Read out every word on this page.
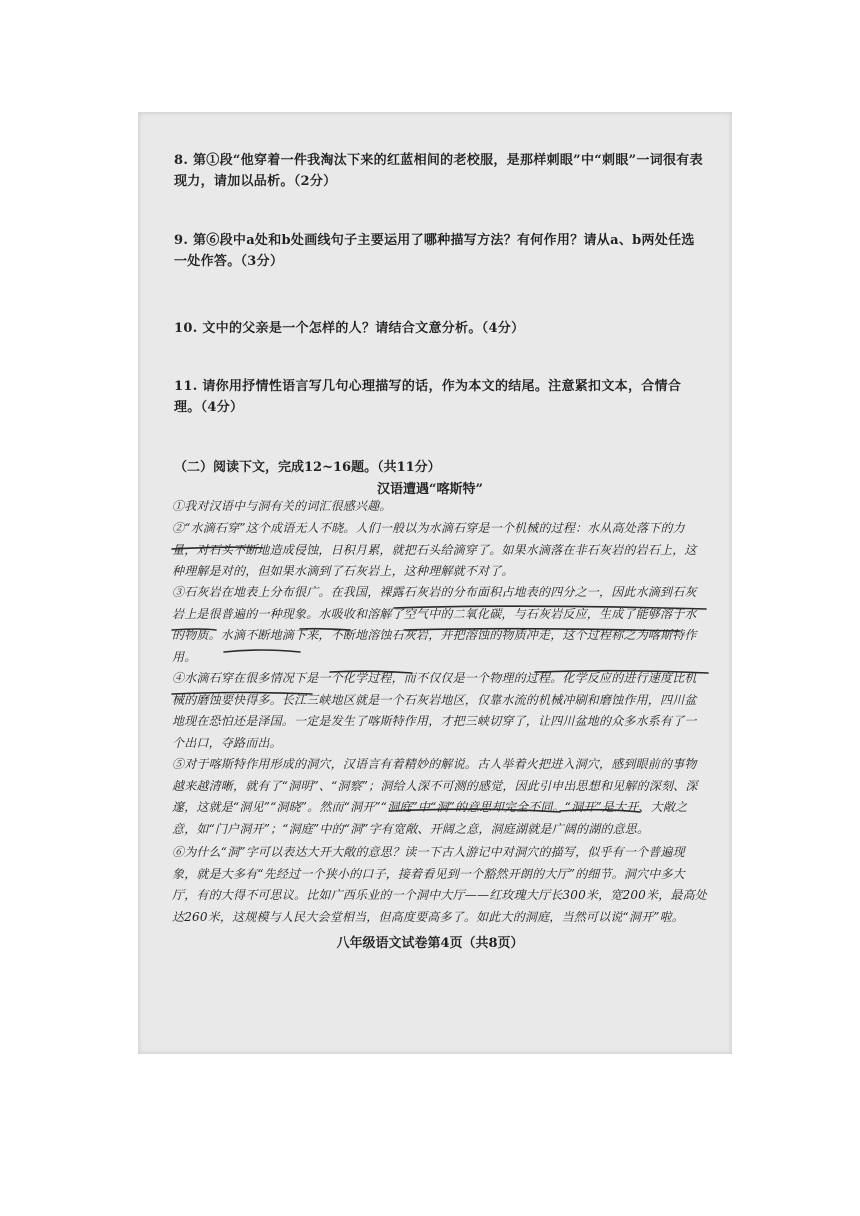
8. 第①段“他穿着一件我淘汰下来的红蓝相间的老校服，是那样刺眼”中“刺眼”一词很有表现力，请加以品析。（2分）
9. 第⑥段中a处和b处画线句子主要运用了哪种描写方法？有何作用？请从a、b两处任选一处作答。（3分）
10. 文中的父亲是一个怎样的人？请结合文意分析。（4分）
11. 请你用抒情性语言写几句心理描写的话，作为本文的结尾。注意紧扣文本，合情合理。（4分）
（二）阅读下文，完成12~16题。（共11分）
汉语遭遇“喀斯特”
①我对汉语中与洞有关的词汇很感兴趣。
②“水滴石穿”这个成语无人不晓。人们一般以为水滴石穿是一个机械的过程：水从高处落下的力量，对石头不断地造成侵蚀，日积月累，就把石头给滴穿了。如果水滴落在非石灰岩的岩石上，这种理解是对的，但如果水滴到了石灰岩上，这种理解就不对了。
③石灰岩在地表上分布很广。在我国，裸露石灰岩的分布面积占地表的四分之一，因此水滴到石灰岩上是很普遍的一种现象。水吸收和溶解了空气中的二氧化碳，与石灰岩反应，生成了能够溶于水的物质。水滴不断地滴下来，不断地溶蚀石灰岩，并把溶蚀的物质冲走，这个过程称之为喀斯特作用。
④水滴石穿在很多情况下是一个化学过程，而不仅仅是一个物理的过程。化学反应的进行速度比机械的磨蚀要快得多。长江三峡地区就是一个石灰岩地区，仅靠水流的机械冲刷和磨蚀作用，四川盆地现在恐怕还是泽国。一定是发生了喀斯特作用，才把三峡切穿了，让四川盆地的众多水系有了一个出口，夺路而出。
⑤对于喀斯特作用形成的洞穴，汉语言有着精妙的解说。古人举着火把进入洞穴，感到眼前的事物越来越清晰，就有了“洞明”、“洞察”；洞给人深不可测的感觉，因此引申出思想和见解的深刻、深邃，这就是“洞见”“洞晓”。然而“洞开”“洞庭”中“洞”的意思却完全不同。“洞开”是大开、大敞之意，如“门户洞开”；“洞庭”中的“洞”字有宽敞、开阔之意，洞庭湖就是广阔的湖的意思。
⑥为什么“洞”字可以表达大开大敞的意思？读一下古人游记中对洞穴的描写，似乎有一个普遍现象，就是大多有“先经过一个狭小的口子，接着看见到一个豁然开朗的大厅”的细节。洞穴中多大厅，有的大得不可思议。比如广西乐业的一个洞中大厅——红玫瑰大厅长300米，宽200米，最高处达260米，这规模与人民大会堂相当，但高度要高多了。如此大的洞庭，当然可以说“洞开”啦。
八年级语文试卷第4页（共8页）
